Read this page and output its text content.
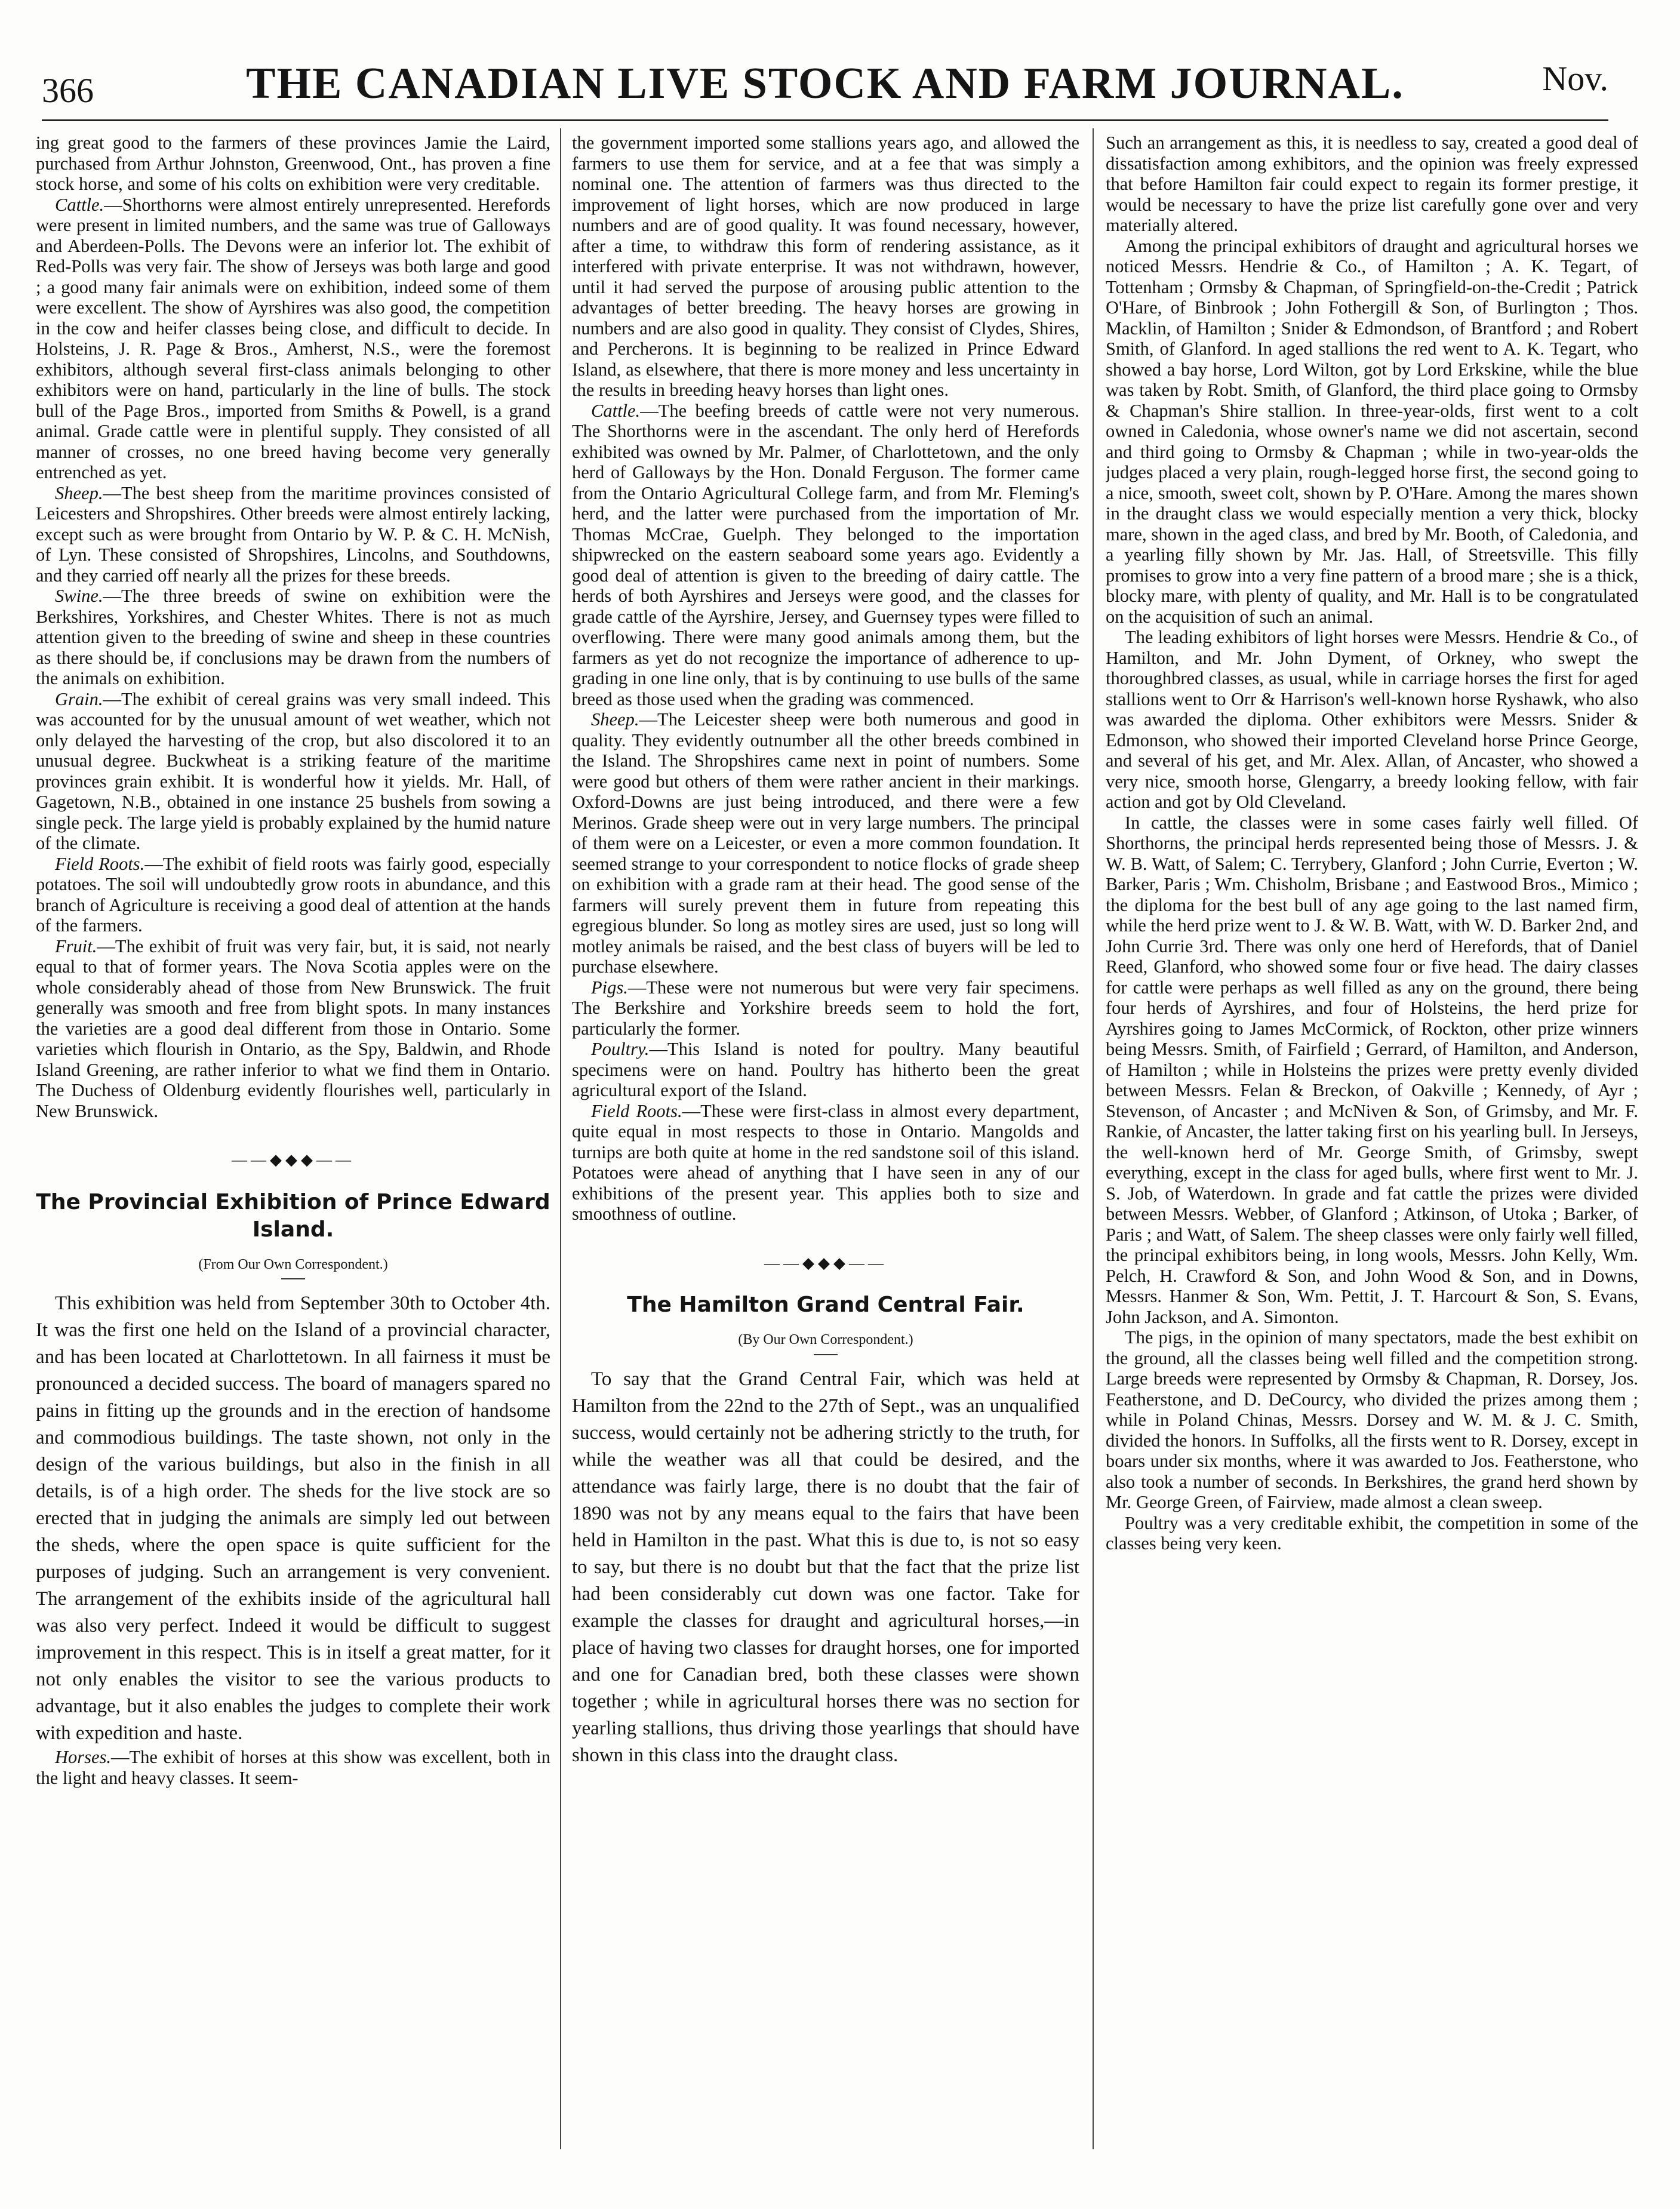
366	THE CANADIAN LIVE STOCK AND FARM JOURNAL.	Nov.

ing great good to the farmers of these provinces Jamie the Laird, purchased from Arthur Johnston, Greenwood, Ont., has proven a fine stock horse, and some of his colts on exhibition were very creditable.

Cattle.—Shorthorns were almost entirely unrepresented. Herefords were present in limited numbers, and the same was true of Galloways and Aberdeen-Polls. The Devons were an inferior lot. The exhibit of Red-Polls was very fair. The show of Jerseys was both large and good ; a good many fair animals were on exhibition, indeed some of them were excellent. The show of Ayrshires was also good, the competition in the cow and heifer classes being close, and difficult to decide. In Holsteins, J. R. Page & Bros., Amherst, N.S., were the foremost exhibitors, although several first-class animals belonging to other exhibitors were on hand, particularly in the line of bulls. The stock bull of the Page Bros., imported from Smiths & Powell, is a grand animal. Grade cattle were in plentiful supply. They consisted of all manner of crosses, no one breed having become very generally entrenched as yet.

Sheep.—The best sheep from the maritime provinces consisted of Leicesters and Shropshires. Other breeds were almost entirely lacking, except such as were brought from Ontario by W. P. & C. H. McNish, of Lyn. These consisted of Shropshires, Lincolns, and Southdowns, and they carried off nearly all the prizes for these breeds.

Swine.—The three breeds of swine on exhibition were the Berkshires, Yorkshires, and Chester Whites. There is not as much attention given to the breeding of swine and sheep in these countries as there should be, if conclusions may be drawn from the numbers of the animals on exhibition.

Grain.—The exhibit of cereal grains was very small indeed. This was accounted for by the unusual amount of wet weather, which not only delayed the harvesting of the crop, but also discolored it to an unusual degree. Buckwheat is a striking feature of the maritime provinces grain exhibit. It is wonderful how it yields. Mr. Hall, of Gagetown, N.B., obtained in one instance 25 bushels from sowing a single peck. The large yield is probably explained by the humid nature of the climate.

Field Roots.—The exhibit of field roots was fairly good, especially potatoes. The soil will undoubtedly grow roots in abundance, and this branch of Agriculture is receiving a good deal of attention at the hands of the farmers.

Fruit.—The exhibit of fruit was very fair, but, it is said, not nearly equal to that of former years. The Nova Scotia apples were on the whole considerably ahead of those from New Brunswick. The fruit generally was smooth and free from blight spots. In many instances the varieties are a good deal different from those in Ontario. Some varieties which flourish in Ontario, as the Spy, Baldwin, and Rhode Island Greening, are rather inferior to what we find them in Ontario. The Duchess of Oldenburg evidently flourishes well, particularly in New Brunswick.

——◆◆◆——
The Provincial Exhibition of Prince Edward Island.
(From Our Own Correspondent.)

This exhibition was held from September 30th to October 4th. It was the first one held on the Island of a provincial character, and has been located at Charlottetown. In all fairness it must be pronounced a decided success. The board of managers spared no pains in fitting up the grounds and in the erection of handsome and commodious buildings. The taste shown, not only in the design of the various buildings, but also in the finish in all details, is of a high order. The sheds for the live stock are so erected that in judging the animals are simply led out between the sheds, where the open space is quite sufficient for the purposes of judging. Such an arrangement is very convenient. The arrangement of the exhibits inside of the agricultural hall was also very perfect. Indeed it would be difficult to suggest improvement in this respect. This is in itself a great matter, for it not only enables the visitor to see the various products to advantage, but it also enables the judges to complete their work with expedition and haste.

Horses.—The exhibit of horses at this show was excellent, both in the light and heavy classes. It seem-

the government imported some stallions years ago, and allowed the farmers to use them for service, and at a fee that was simply a nominal one. The attention of farmers was thus directed to the improvement of light horses, which are now produced in large numbers and are of good quality. It was found necessary, however, after a time, to withdraw this form of rendering assistance, as it interfered with private enterprise. It was not withdrawn, however, until it had served the purpose of arousing public attention to the advantages of better breeding. The heavy horses are growing in numbers and are also good in quality. They consist of Clydes, Shires, and Percherons. It is beginning to be realized in Prince Edward Island, as elsewhere, that there is more money and less uncertainty in the results in breeding heavy horses than light ones.

Cattle.—The beefing breeds of cattle were not very numerous. The Shorthorns were in the ascendant. The only herd of Herefords exhibited was owned by Mr. Palmer, of Charlottetown, and the only herd of Galloways by the Hon. Donald Ferguson. The former came from the Ontario Agricultural College farm, and from Mr. Fleming's herd, and the latter were purchased from the importation of Mr. Thomas McCrae, Guelph. They belonged to the importation shipwrecked on the eastern seaboard some years ago. Evidently a good deal of attention is given to the breeding of dairy cattle. The herds of both Ayrshires and Jerseys were good, and the classes for grade cattle of the Ayrshire, Jersey, and Guernsey types were filled to overflowing. There were many good animals among them, but the farmers as yet do not recognize the importance of adherence to up-grading in one line only, that is by continuing to use bulls of the same breed as those used when the grading was commenced.

Sheep.—The Leicester sheep were both numerous and good in quality. They evidently outnumber all the other breeds combined in the Island. The Shropshires came next in point of numbers. Some were good but others of them were rather ancient in their markings. Oxford-Downs are just being introduced, and there were a few Merinos. Grade sheep were out in very large numbers. The principal of them were on a Leicester, or even a more common foundation. It seemed strange to your correspondent to notice flocks of grade sheep on exhibition with a grade ram at their head. The good sense of the farmers will surely prevent them in future from repeating this egregious blunder. So long as motley sires are used, just so long will motley animals be raised, and the best class of buyers will be led to purchase elsewhere.

Pigs.—These were not numerous but were very fair specimens. The Berkshire and Yorkshire breeds seem to hold the fort, particularly the former.

Poultry.—This Island is noted for poultry. Many beautiful specimens were on hand. Poultry has hitherto been the great agricultural export of the Island.

Field Roots.—These were first-class in almost every department, quite equal in most respects to those in Ontario. Mangolds and turnips are both quite at home in the red sandstone soil of this island. Potatoes were ahead of anything that I have seen in any of our exhibitions of the present year. This applies both to size and smoothness of outline.

——◆◆◆——
The Hamilton Grand Central Fair.
(By Our Own Correspondent.)

To say that the Grand Central Fair, which was held at Hamilton from the 22nd to the 27th of Sept., was an unqualified success, would certainly not be adhering strictly to the truth, for while the weather was all that could be desired, and the attendance was fairly large, there is no doubt that the fair of 1890 was not by any means equal to the fairs that have been held in Hamilton in the past. What this is due to, is not so easy to say, but there is no doubt but that the fact that the prize list had been considerably cut down was one factor. Take for example the classes for draught and agricultural horses,—in place of having two classes for draught horses, one for imported and one for Canadian bred, both these classes were shown together ; while in agricultural horses there was no section for yearling stallions, thus driving those yearlings that should have shown in this class into the draught class.

Such an arrangement as this, it is needless to say, created a good deal of dissatisfaction among exhibitors, and the opinion was freely expressed that before Hamilton fair could expect to regain its former prestige, it would be necessary to have the prize list carefully gone over and very materially altered.

Among the principal exhibitors of draught and agricultural horses we noticed Messrs. Hendrie & Co., of Hamilton ; A. K. Tegart, of Tottenham ; Ormsby & Chapman, of Springfield-on-the-Credit ; Patrick O'Hare, of Binbrook ; John Fothergill & Son, of Burlington ; Thos. Macklin, of Hamilton ; Snider & Edmondson, of Brantford ; and Robert Smith, of Glanford. In aged stallions the red went to A. K. Tegart, who showed a bay horse, Lord Wilton, got by Lord Erkskine, while the blue was taken by Robt. Smith, of Glanford, the third place going to Ormsby & Chapman's Shire stallion. In three-year-olds, first went to a colt owned in Caledonia, whose owner's name we did not ascertain, second and third going to Ormsby & Chapman ; while in two-year-olds the judges placed a very plain, rough-legged horse first, the second going to a nice, smooth, sweet colt, shown by P. O'Hare. Among the mares shown in the draught class we would especially mention a very thick, blocky mare, shown in the aged class, and bred by Mr. Booth, of Caledonia, and a yearling filly shown by Mr. Jas. Hall, of Streetsville. This filly promises to grow into a very fine pattern of a brood mare ; she is a thick, blocky mare, with plenty of quality, and Mr. Hall is to be congratulated on the acquisition of such an animal.

The leading exhibitors of light horses were Messrs. Hendrie & Co., of Hamilton, and Mr. John Dyment, of Orkney, who swept the thoroughbred classes, as usual, while in carriage horses the first for aged stallions went to Orr & Harrison's well-known horse Ryshawk, who also was awarded the diploma. Other exhibitors were Messrs. Snider & Edmonson, who showed their imported Cleveland horse Prince George, and several of his get, and Mr. Alex. Allan, of Ancaster, who showed a very nice, smooth horse, Glengarry, a breedy looking fellow, with fair action and got by Old Cleveland.

In cattle, the classes were in some cases fairly well filled. Of Shorthorns, the principal herds represented being those of Messrs. J. & W. B. Watt, of Salem; C. Terrybery, Glanford ; John Currie, Everton ; W. Barker, Paris ; Wm. Chisholm, Brisbane ; and Eastwood Bros., Mimico ; the diploma for the best bull of any age going to the last named firm, while the herd prize went to J. & W. B. Watt, with W. D. Barker 2nd, and John Currie 3rd. There was only one herd of Herefords, that of Daniel Reed, Glanford, who showed some four or five head. The dairy classes for cattle were perhaps as well filled as any on the ground, there being four herds of Ayrshires, and four of Holsteins, the herd prize for Ayrshires going to James McCormick, of Rockton, other prize winners being Messrs. Smith, of Fairfield ; Gerrard, of Hamilton, and Anderson, of Hamilton ; while in Holsteins the prizes were pretty evenly divided between Messrs. Felan & Breckon, of Oakville ; Kennedy, of Ayr ; Stevenson, of Ancaster ; and McNiven & Son, of Grimsby, and Mr. F. Rankie, of Ancaster, the latter taking first on his yearling bull. In Jerseys, the well-known herd of Mr. George Smith, of Grimsby, swept everything, except in the class for aged bulls, where first went to Mr. J. S. Job, of Waterdown. In grade and fat cattle the prizes were divided between Messrs. Webber, of Glanford ; Atkinson, of Utoka ; Barker, of Paris ; and Watt, of Salem. The sheep classes were only fairly well filled, the principal exhibitors being, in long wools, Messrs. John Kelly, Wm. Pelch, H. Crawford & Son, and John Wood & Son, and in Downs, Messrs. Hanmer & Son, Wm. Pettit, J. T. Harcourt & Son, S. Evans, John Jackson, and A. Simonton.

The pigs, in the opinion of many spectators, made the best exhibit on the ground, all the classes being well filled and the competition strong. Large breeds were represented by Ormsby & Chapman, R. Dorsey, Jos. Featherstone, and D. DeCourcy, who divided the prizes among them ; while in Poland Chinas, Messrs. Dorsey and W. M. & J. C. Smith, divided the honors. In Suffolks, all the firsts went to R. Dorsey, except in boars under six months, where it was awarded to Jos. Featherstone, who also took a number of seconds. In Berkshires, the grand herd shown by Mr. George Green, of Fairview, made almost a clean sweep.

Poultry was a very creditable exhibit, the competition in some of the classes being very keen.
